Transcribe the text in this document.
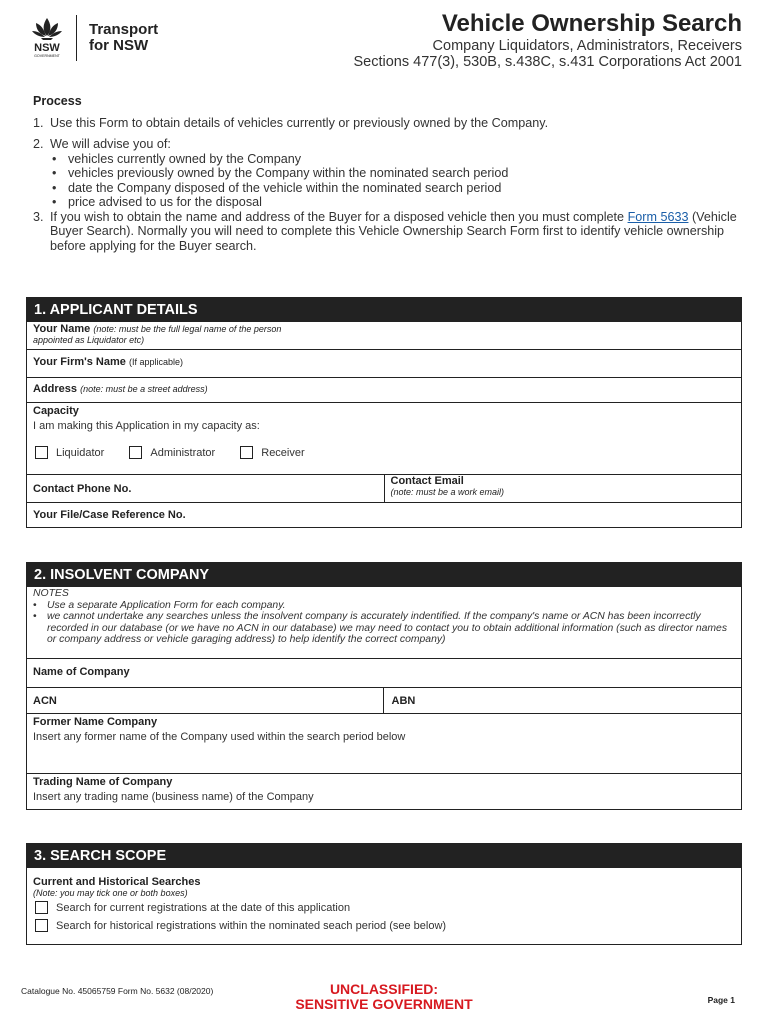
NSW
GOVERNMENT
Transport
for NSW
Vehicle Ownership Search
Company Liquidators, Administrators, Receivers
Sections 477(3), 530B, s.438C, s.431 Corporations Act 2001
Process
1. Use this Form to obtain details of vehicles currently or previously owned by the Company.
2. We will advise you of:
• vehicles currently owned by the Company
• vehicles previously owned by the Company within the nominated search period
• date the Company disposed of the vehicle within the nominated search period
• price advised to us for the disposal
3. If you wish to obtain the name and address of the Buyer for a disposed vehicle then you must complete Form 5633 (Vehicle Buyer Search). Normally you will need to complete this Vehicle Ownership Search Form first to identify vehicle ownership before applying for the Buyer search.
1. APPLICANT DETAILS
Your Name (note: must be the full legal name of the person
appointed as Liquidator etc)
Your Firm's Name (If applicable)
Address (note: must be a street address)
Capacity
I am making this Application in my capacity as:
Liquidator
	Administrator
	Receiver
Contact Phone No.
Contact Email
(note: must be a work email)
Your File/Case Reference No.
2. INSOLVENT COMPANY
NOTES
• Use a separate Application Form for each company.
• we cannot undertake any searches unless the insolvent company is accurately indentified. If the company's name or ACN has been incorrectly recorded in our database (or we have no ACN in our database) we may need to contact you to obtain additional information (such as director names or company address or vehicle garaging address) to help identify the correct company)
Name of Company
ACN	ABN
Former Name Company
Insert any former name of the Company used within the search period below
Trading Name of Company
Insert any trading name (business name) of the Company
3. SEARCH SCOPE
Current and Historical Searches
(Note: you may tick one or both boxes)
Search for current registrations at the date of this application

Search for historical registrations within the nominated seach period (see below)
Catalogue No. 45065759 Form No. 5632 (08/2020)	UNCLASSIFIED:
SENSITIVE GOVERNMENT	Page 1
